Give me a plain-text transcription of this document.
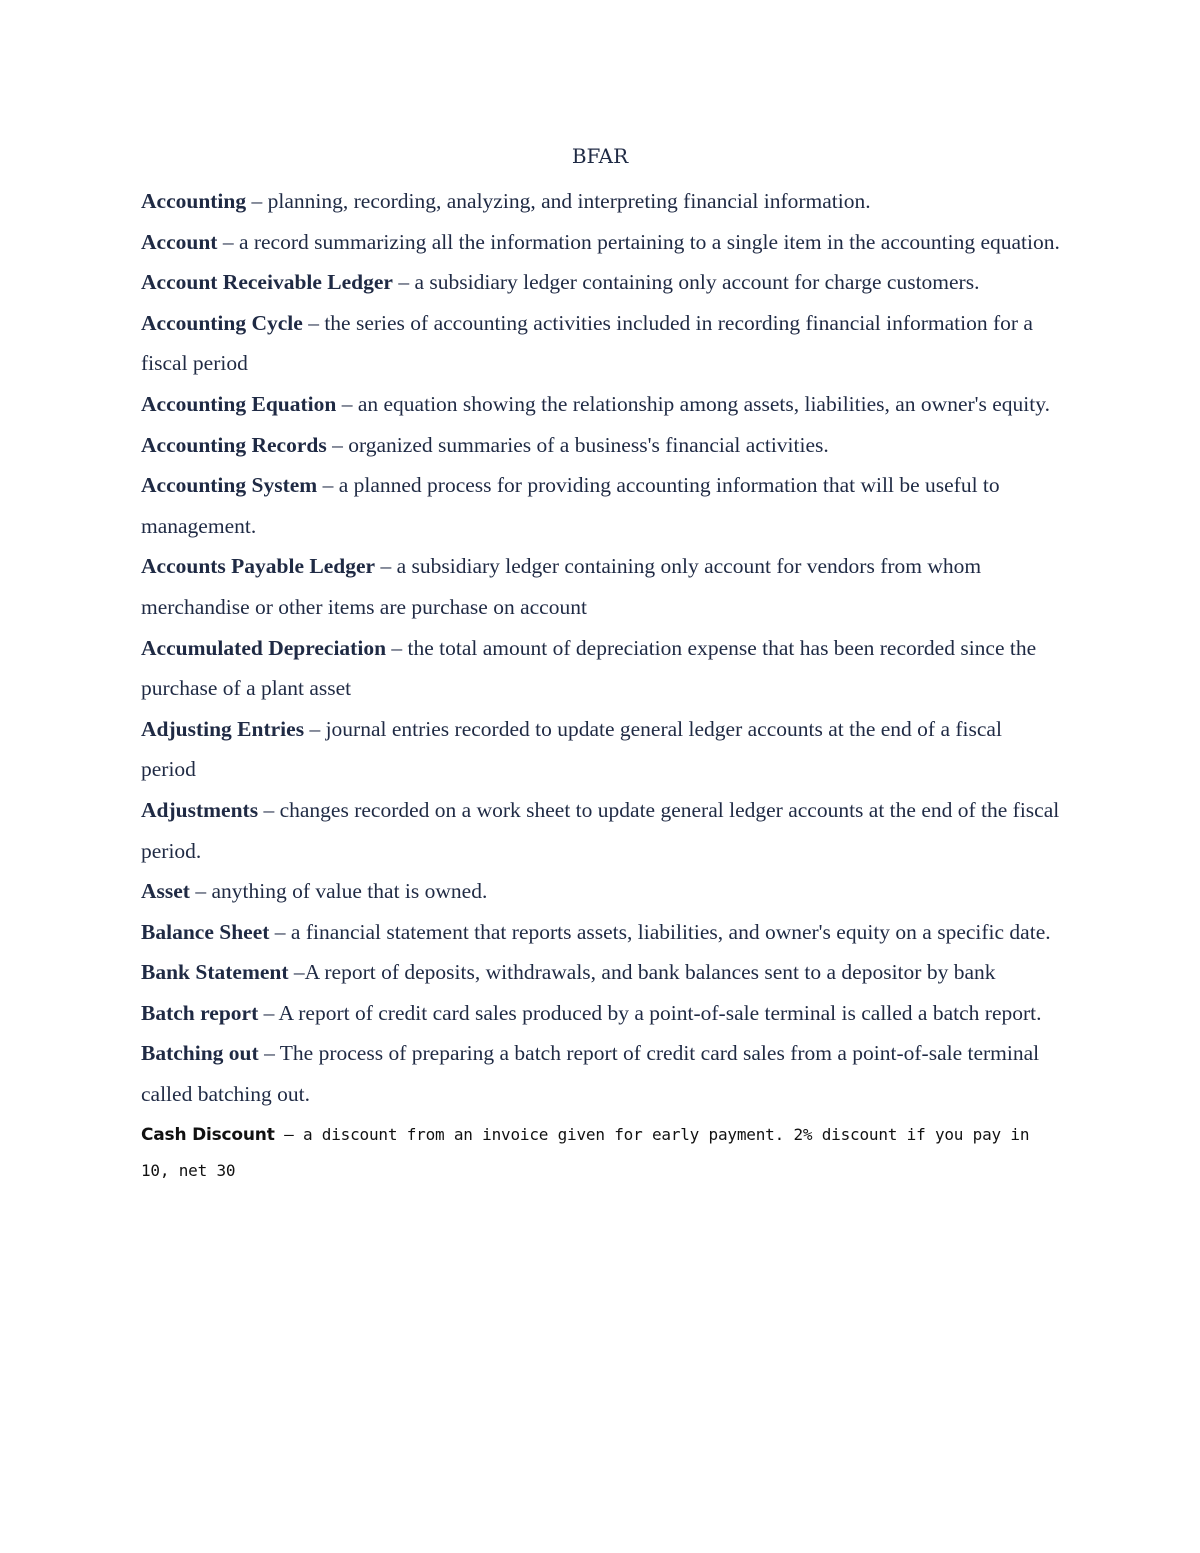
BFAR

Accounting – planning, recording, analyzing, and interpreting financial information.

Account – a record summarizing all the information pertaining to a single item in the accounting equation.

Account Receivable Ledger – a subsidiary ledger containing only account for charge customers.

Accounting Cycle – the series of accounting activities included in recording financial information for a fiscal period

Accounting Equation – an equation showing the relationship among assets, liabilities, an owner's equity.

Accounting Records – organized summaries of a business's financial activities.

Accounting System – a planned process for providing accounting information that will be useful to management.

Accounts Payable Ledger – a subsidiary ledger containing only account for vendors from whom merchandise or other items are purchase on account

Accumulated Depreciation – the total amount of depreciation expense that has been recorded since the purchase of a plant asset

Adjusting Entries – journal entries recorded to update general ledger accounts at the end of a fiscal period

Adjustments – changes recorded on a work sheet to update general ledger accounts at the end of the fiscal period.

Asset – anything of value that is owned.

Balance Sheet – a financial statement that reports assets, liabilities, and owner's equity on a specific date.

Bank Statement –A report of deposits, withdrawals, and bank balances sent to a depositor by bank

Batch report – A report of credit card sales produced by a point-of-sale terminal is called a batch report.

Batching out – The process of preparing a batch report of credit card sales from a point-of-sale terminal called batching out.

Cash Discount – a discount from an invoice given for early payment. 2% discount if you pay in 10, net 30
